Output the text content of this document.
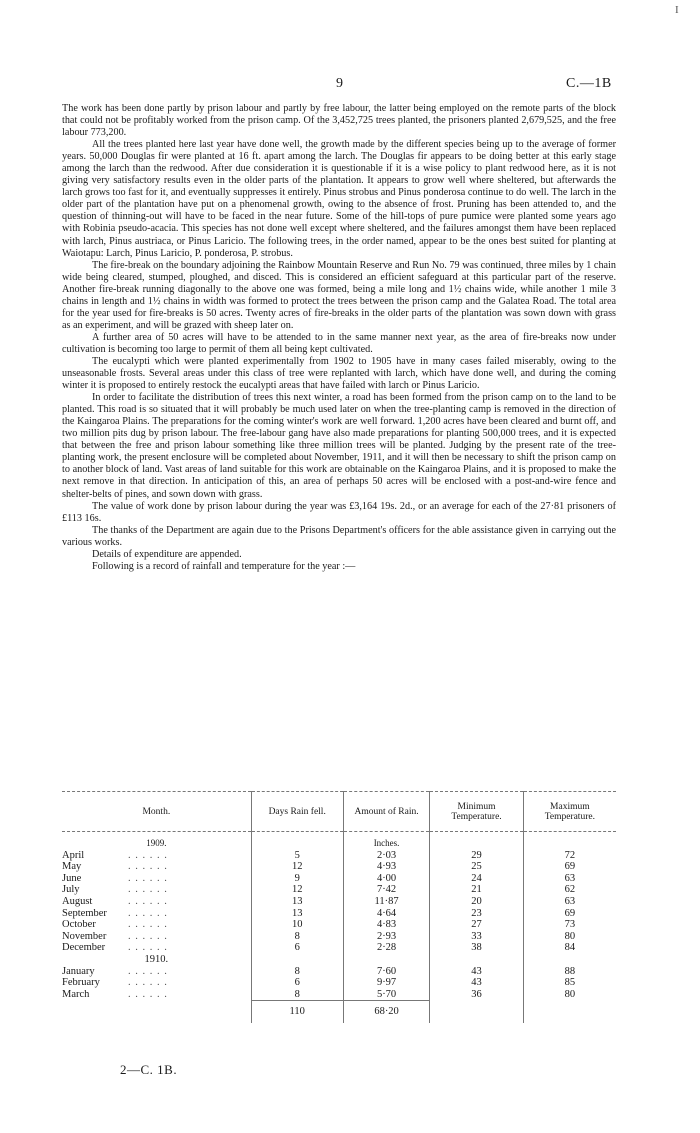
I
9	C.—1B

The work has been done partly by prison labour and partly by free labour, the latter being employed on the remote parts of the block that could not be profitably worked from the prison camp. Of the 3,452,725 trees planted, the prisoners planted 2,679,525, and the free labour 773,200.

All the trees planted here last year have done well, the growth made by the different species being up to the average of former years. 50,000 Douglas fir were planted at 16 ft. apart among the larch. The Douglas fir appears to be doing better at this early stage among the larch than the redwood. After due consideration it is questionable if it is a wise policy to plant redwood here, as it is not giving very satisfactory results even in the older parts of the plantation. It appears to grow well where sheltered, but afterwards the larch grows too fast for it, and eventually suppresses it entirely. Pinus strobus and Pinus ponderosa continue to do well. The larch in the older part of the plantation have put on a phenomenal growth, owing to the absence of frost. Pruning has been attended to, and the question of thinning-out will have to be faced in the near future. Some of the hill-tops of pure pumice were planted some years ago with Robinia pseudo-acacia. This species has not done well except where sheltered, and the failures amongst them have been replaced with larch, Pinus austriaca, or Pinus Laricio. The following trees, in the order named, appear to be the ones best suited for planting at Waiotapu: Larch, Pinus Laricio, P. ponderosa, P. strobus.

The fire-break on the boundary adjoining the Rainbow Mountain Reserve and Run No. 79 was continued, three miles by 1 chain wide being cleared, stumped, ploughed, and disced. This is considered an efficient safeguard at this particular part of the reserve. Another fire-break running diagonally to the above one was formed, being a mile long and 1½ chains wide, while another 1 mile 3 chains in length and 1½ chains in width was formed to protect the trees between the prison camp and the Galatea Road. The total area for the year used for fire-breaks is 50 acres. Twenty acres of fire-breaks in the older parts of the plantation was sown down with grass as an experiment, and will be grazed with sheep later on.

A further area of 50 acres will have to be attended to in the same manner next year, as the area of fire-breaks now under cultivation is becoming too large to permit of them all being kept cultivated.

The eucalypti which were planted experimentally from 1902 to 1905 have in many cases failed miserably, owing to the unseasonable frosts. Several areas under this class of tree were replanted with larch, which have done well, and during the coming winter it is proposed to entirely restock the eucalypti areas that have failed with larch or Pinus Laricio.

In order to facilitate the distribution of trees this next winter, a road has been formed from the prison camp on to the land to be planted. This road is so situated that it will probably be much used later on when the tree-planting camp is removed in the direction of the Kaingaroa Plains. The preparations for the coming winter's work are well forward. 1,200 acres have been cleared and burnt off, and two million pits dug by prison labour. The free-labour gang have also made preparations for planting 500,000 trees, and it is expected that between the free and prison labour something like three million trees will be planted. Judging by the present rate of the tree-planting work, the present enclosure will be completed about November, 1911, and it will then be necessary to shift the prison camp on to another block of land. Vast areas of land suitable for this work are obtainable on the Kaingaroa Plains, and it is proposed to make the next remove in that direction. In anticipation of this, an area of perhaps 50 acres will be enclosed with a post-and-wire fence and shelter-belts of pines, and sown down with grass.

The value of work done by prison labour during the year was £3,164 19s. 2d., or an average for each of the 27·81 prisoners of £113 16s.

The thanks of the Department are again due to the Prisons Department's officers for the able assistance given in carrying out the various works.

Details of expenditure are appended.

Following is a record of rainfall and temperature for the year :—

Month.	Days Rain fell.	Amount of Rain.	Minimum Temperature.	Maximum Temperature.

1909.		Inches.		
April . . . . . .	5	2·03	29	72
May . . . . . .	12	4·93	25	69
June . . . . . .	9	4·00	24	63
July . . . . . .	12	7·42	21	62
August . . . . . .	13	11·87	20	63
September . . . . . .	13	4·64	23	69
October . . . . . .	10	4·83	27	73
November . . . . . .	8	2·93	33	80
December . . . . . .	6	2·28	38	84
1910.				
January . . . . . .	8	7·60	43	88
February . . . . . .	6	9·97	43	85
March . . . . . .	8	5·70	36	80
	110	68·20		
2—C. 1B.
